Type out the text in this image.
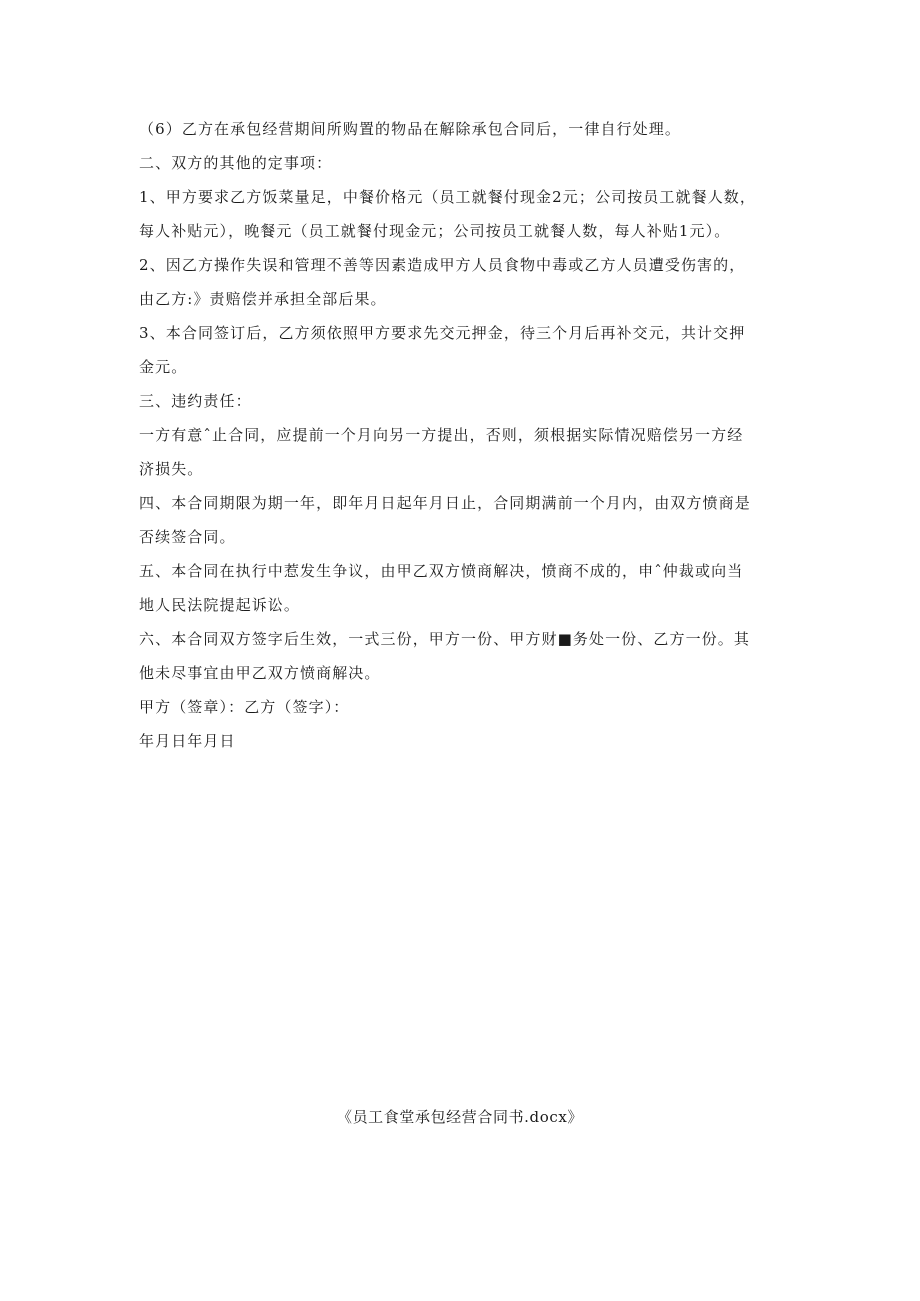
（6）乙方在承包经营期间所购置的物品在解除承包合同后，一律自行处理。

二、双方的其他的定事项：

1、甲方要求乙方饭菜量足，中餐价格元（员工就餐付现金2元；公司按员工就餐人数，

每人补贴元），晚餐元（员工就餐付现金元；公司按员工就餐人数，每人补贴1元）。

2、因乙方操作失误和管理不善等因素造成甲方人员食物中毒或乙方人员遭受伤害的，

由乙方:》责赔偿并承担全部后果。

3、本合同签订后，乙方须依照甲方要求先交元押金，待三个月后再补交元，共计交押

金元。

三、违约责任：

一方有意ˆ止合同，应提前一个月向另一方提出，否则，须根据实际情况赔偿另一方经

济损失。

四、本合同期限为期一年，即年月日起年月日止，合同期满前一个月内，由双方愤商是

否续签合同。

五、本合同在执行中惹发生争议，由甲乙双方愤商解决，愤商不成的，申ˆ仲裁或向当

地人民法院提起诉讼。

六、本合同双方签字后生效，一式三份，甲方一份、甲方财■务处一份、乙方一份。其

他未尽事宜由甲乙双方愤商解决。

甲方（签章）：乙方（签字）：

年月日年月日

《员工食堂承包经营合同书.docx》
